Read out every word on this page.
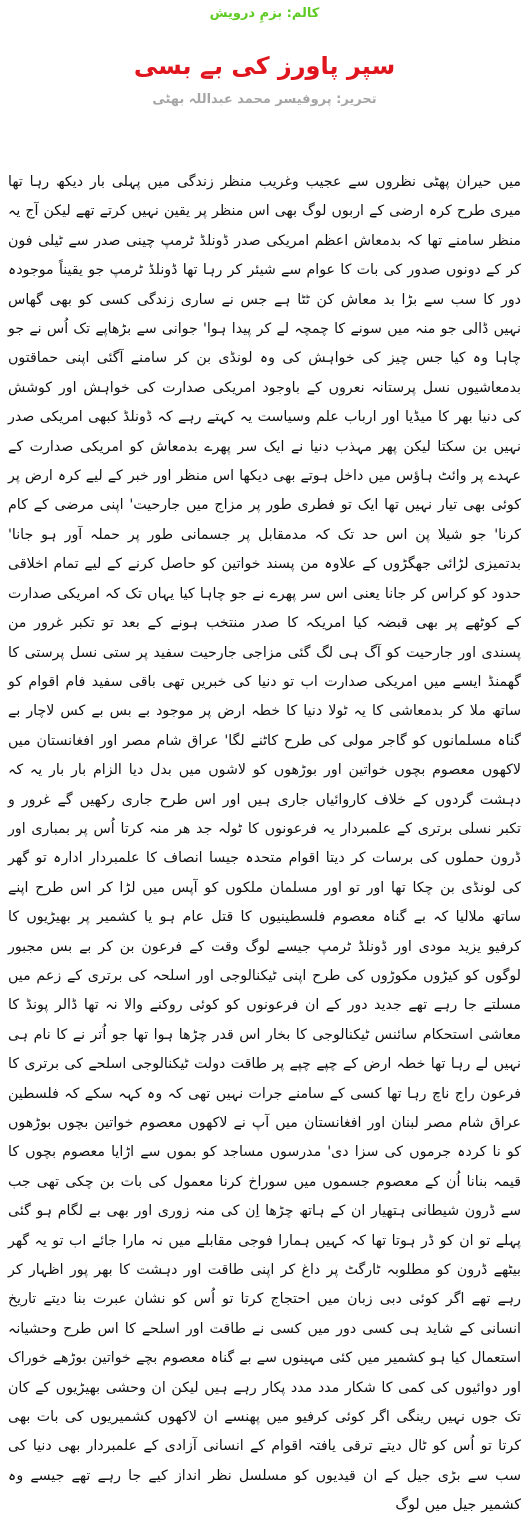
کالم: بزمِ درویش
سپر پاورز کی بے بسی
تحریر: پروفیسر محمد عبداللہ بھٹی

میں حیران پھٹی نظروں سے عجیب وغریب منظر زندگی میں پہلی بار دیکھ رہا تھا میری طرح کرہ ارضی کے اربوں لوگ بھی اس منظر پر یقین نہیں کرتے تھے لیکن آج یہ منظر سامنے تھا کہ بدمعاش اعظم امریکی صدر ڈونلڈ ٹرمپ چینی صدر سے ٹیلی فون کر کے دونوں صدور کی بات کا عوام سے شیئر کر رہا تھا ڈونلڈ ٹرمپ جو یقیناً موجودہ دور کا سب سے بڑا بد معاش کن ٹٹا ہے جس نے ساری زندگی کسی کو بھی گھاس نہیں ڈالی جو منہ میں سونے کا چمچہ لے کر پیدا ہوا' جوانی سے بڑھاپے تک اُس نے جو چاہا وہ کیا جس چیز کی خواہش کی وہ لونڈی بن کر سامنے آگئی اپنی حماقتوں بدمعاشیوں نسل پرستانہ نعروں کے باوجود امریکی صدارت کی خواہش اور کوشش کی دنیا بھر کا میڈیا اور ارباب علم وسیاست یہ کہتے رہے کہ ڈونلڈ کبھی امریکی صدر نہیں بن سکتا لیکن پھر مہذب دنیا نے ایک سر پھرے بدمعاش کو امریکی صدارت کے عہدے پر وائٹ ہاؤس میں داخل ہوتے بھی دیکھا اس منظر اور خبر کے لیے کرہ ارض پر کوئی بھی تیار نہیں تھا ایک تو فطری طور پر مزاج میں جارحیت' اپنی مرضی کے کام کرنا' جو شیلا پن اس حد تک کہ مدمقابل پر جسمانی طور پر حملہ آور ہو جانا' بدتمیزی لڑائی جھگڑوں کے علاوہ من پسند خواتین کو حاصل کرنے کے لیے تمام اخلاقی حدود کو کراس کر جانا یعنی اس سر پھرے نے جو چاہا کیا یہاں تک کہ امریکی صدارت کے کوٹھے پر بھی قبضہ کیا امریکہ کا صدر منتخب ہونے کے بعد تو تکبر غرور من پسندی اور جارحیت کو آگ ہی لگ گئی مزاجی جارحیت سفید پر ستی نسل پرستی کا گھمنڈ ایسے میں امریکی صدارت اب تو دنیا کی خبریں تھی باقی سفید فام اقوام کو ساتھ ملا کر بدمعاشی کا یہ ٹولا دنیا کا خطہ ارض پر موجود بے بس بے کس لاچار بے گناہ مسلمانوں کو گاجر مولی کی طرح کاٹنے لگا' عراق شام مصر اور افغانستان میں لاکھوں معصوم بچوں خواتین اور بوڑھوں کو لاشوں میں بدل دیا الزام بار بار یہ کہ دہشت گردوں کے خلاف کاروائیاں جاری ہیں اور اس طرح جاری رکھیں گے غرور و تکبر نسلی برتری کے علمبردار یہ فرعونوں کا ٹولہ جد ھر منہ کرتا اُس پر بمباری اور ڈرون حملوں کی برسات کر دیتا اقوام متحدہ جیسا انصاف کا علمبردار ادارہ تو گھر کی لونڈی بن چکا تھا اور تو اور مسلمان ملکوں کو آپس میں لڑا کر اس طرح اپنے ساتھ ملالیا کہ بے گناہ معصوم فلسطینیوں کا قتل عام ہو یا کشمیر پر بھیڑیوں کا کرفیو یزید مودی اور ڈونلڈ ٹرمپ جیسے لوگ وقت کے فرعون بن کر بے بس مجبور لوگوں کو کیڑوں مکوڑوں کی طرح اپنی ٹیکنالوجی اور اسلحہ کی برتری کے زعم میں مسلتے جا رہے تھے جدید دور کے ان فرعونوں کو کوئی روکنے والا نہ تھا ڈالر پونڈ کا معاشی استحکام سائنس ٹیکنالوجی کا بخار اس قدر چڑھا ہوا تھا جو اُتر نے کا نام ہی نہیں لے رہا تھا خطہ ارض کے چپے چپے پر طاقت دولت ٹیکنالوجی اسلحے کی برتری کا فرعون راج ناچ رہا تھا کسی کے سامنے جرات نہیں تھی کہ وہ کہہ سکے کہ فلسطین عراق شام مصر لبنان اور افغانستان میں آپ نے لاکھوں معصوم خواتین بچوں بوڑھوں کو نا کردہ جرموں کی سزا دی' مدرسوں مساجد کو بموں سے اڑایا معصوم بچوں کا قیمہ بنانا اُن کے معصوم جسموں میں سوراخ کرنا معمول کی بات بن چکی تھی جب سے ڈرون شیطانی ہتھیار ان کے ہاتھ چڑھا اِن کی منہ زوری اور بھی بے لگام ہو گئی پہلے تو ان کو ڈر ہوتا تھا کہ کہیں ہمارا فوجی مقابلے میں نہ مارا جائے اب تو یہ گھر بیٹھے ڈرون کو مطلوبہ ٹارگٹ پر داغ کر اپنی طاقت اور دہشت کا بھر پور اظہار کر رہے تھے اگر کوئی دبی زبان میں احتجاج کرتا تو اُس کو نشان عبرت بنا دیتے تاریخ انسانی کے شاید ہی کسی دور میں کسی نے طاقت اور اسلحے کا اس طرح وحشیانہ استعمال کیا ہو کشمیر میں کئی مہینوں سے بے گناہ معصوم بچے خواتین بوڑھے خوراک اور دوائیوں کی کمی کا شکار مدد مدد پکار رہے ہیں لیکن ان وحشی بھیڑیوں کے کان تک جوں نہیں رینگی اگر کوئی کرفیو میں پھنسے ان لاکھوں کشمیریوں کی بات بھی کرتا تو اُس کو ٹال دیتے ترقی یافتہ اقوام کے انسانی آزادی کے علمبردار بھی دنیا کی سب سے بڑی جیل کے ان قیدیوں کو مسلسل نظر انداز کیے جا رہے تھے جیسے وہ کشمیر جیل میں لوگ
